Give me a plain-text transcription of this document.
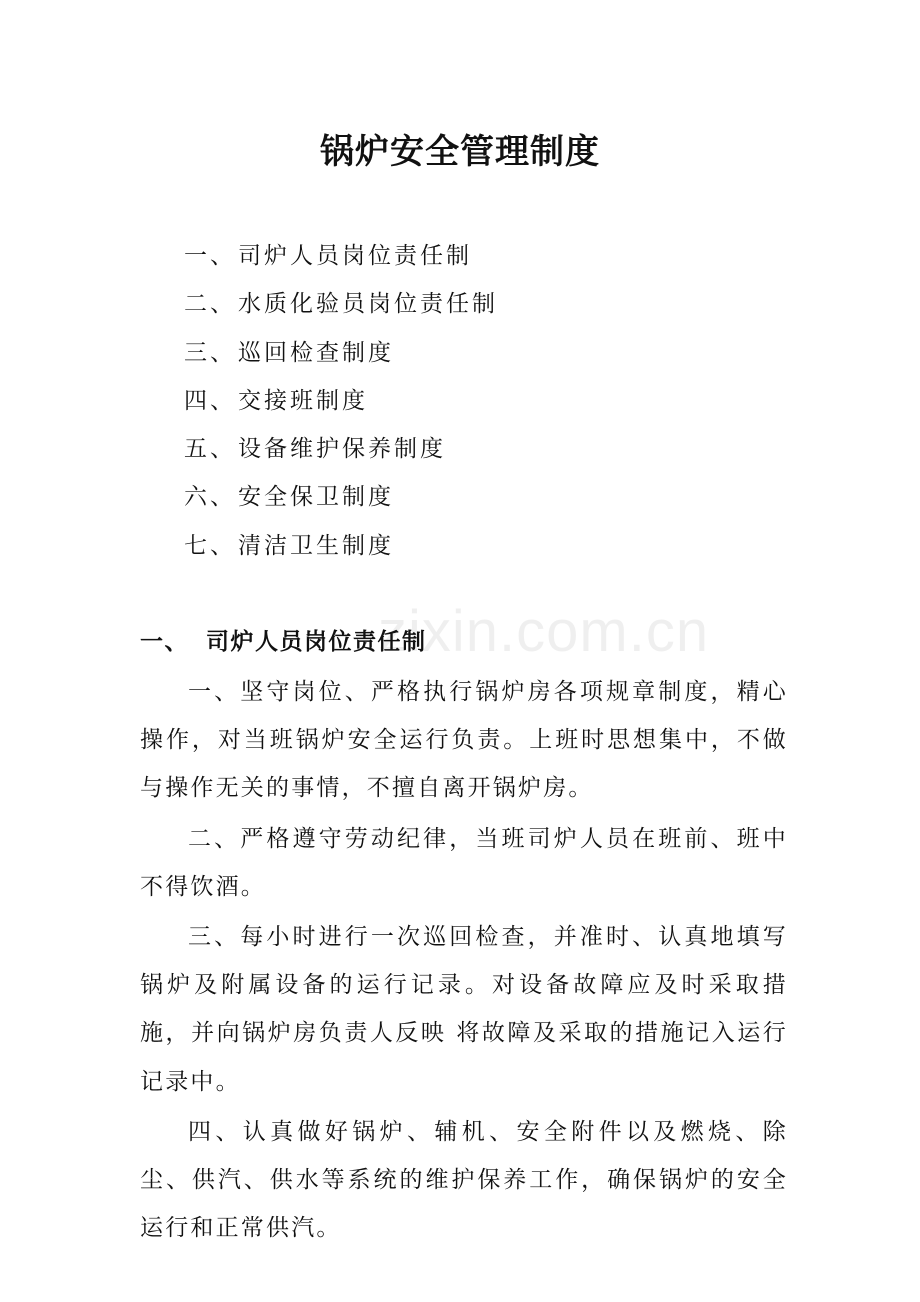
锅炉安全管理制度
一、司炉人员岗位责任制
二、水质化验员岗位责任制
三、巡回检查制度
四、交接班制度
五、设备维护保养制度
六、安全保卫制度
七、清洁卫生制度
zixin.com.cn
一、 司炉人员岗位责任制

一、坚守岗位、严格执行锅炉房各项规章制度，精心操作，对当班锅炉安全运行负责。上班时思想集中，不做与操作无关的事情，不擅自离开锅炉房。

二、严格遵守劳动纪律，当班司炉人员在班前、班中不得饮酒。

三、每小时进行一次巡回检查，并准时、认真地填写锅炉及附属设备的运行记录。对设备故障应及时采取措施，并向锅炉房负责人反映 将故障及采取的措施记入运行记录中。

四、认真做好锅炉、辅机、安全附件以及燃烧、除尘、供汽、供水等系统的维护保养工作，确保锅炉的安全运行和正常供汽。
